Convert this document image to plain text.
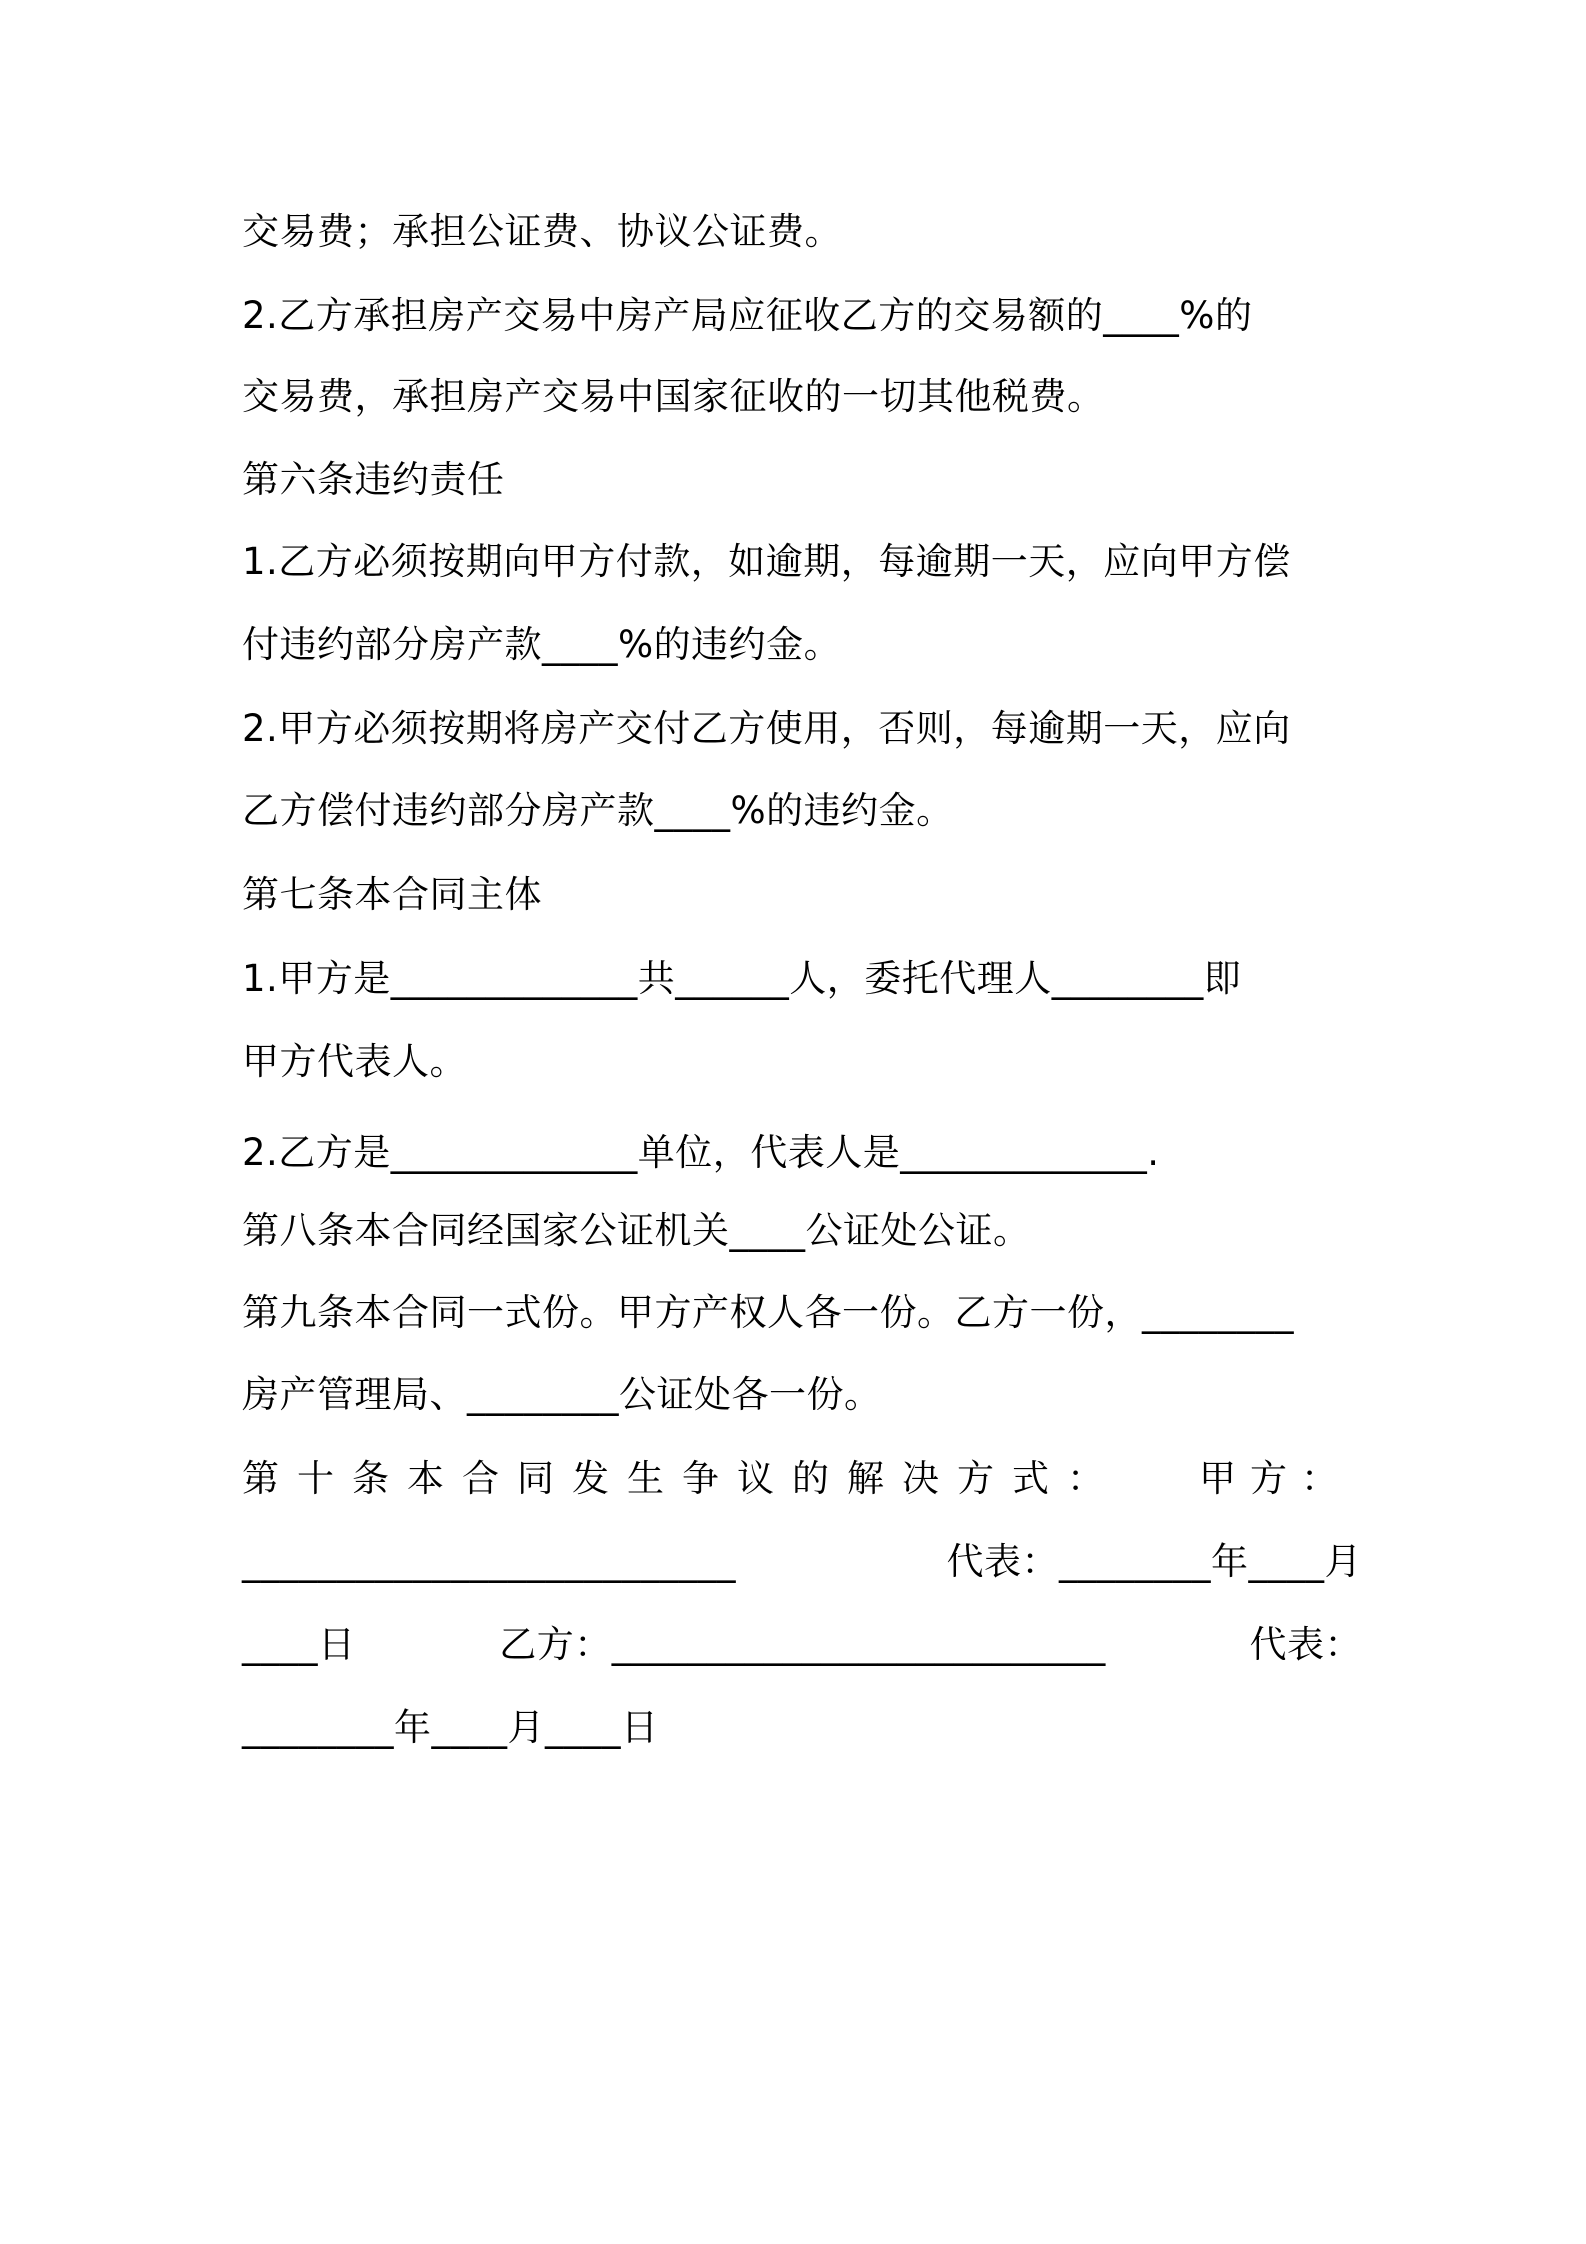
交易费；承担公证费、协议公证费。
2.乙方承担房产交易中房产局应征收乙方的交易额的____%的
交易费，承担房产交易中国家征收的一切其他税费。
第六条违约责任
1.乙方必须按期向甲方付款，如逾期，每逾期一天，应向甲方偿
付违约部分房产款____%的违约金。
2.甲方必须按期将房产交付乙方使用，否则，每逾期一天，应向
乙方偿付违约部分房产款____%的违约金。
第七条本合同主体
1.甲方是_____________共______人，委托代理人________即
甲方代表人。
2.乙方是_____________单位，代表人是_____________.
第八条本合同经国家公证机关____公证处公证。
第九条本合同一式份。甲方产权人各一份。乙方一份，________
房产管理局、________公证处各一份。
第十条本合同发生争议的解决方式： 甲方：
__________________________	代表：________年____月
____日	乙方：__________________________	代表：
________年____月____日
